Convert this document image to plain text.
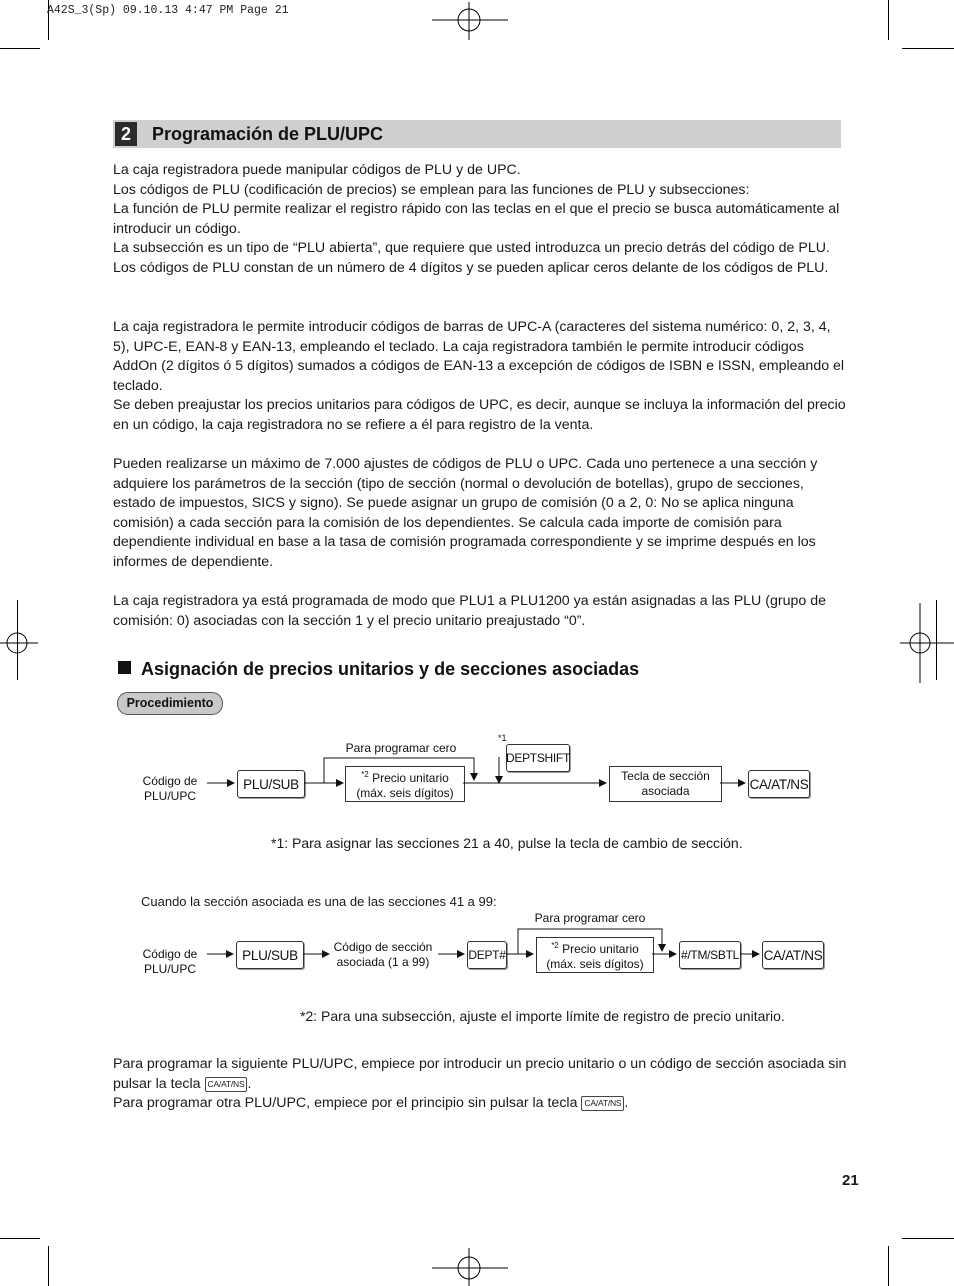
A42S_3(Sp) 09.10.13 4:47 PM Page 21
2	Programación de PLU/UPC

La caja registradora puede manipular códigos de PLU y de UPC.

Los códigos de PLU (codificación de precios) se emplean para las funciones de PLU y subsecciones:

La función de PLU permite realizar el registro rápido con las teclas en el que el precio se busca automáticamente al introducir un código.

La subsección es un tipo de “PLU abierta”, que requiere que usted introduzca un precio detrás del código de PLU. Los códigos de PLU constan de un número de 4 dígitos y se pueden aplicar ceros delante de los códigos de PLU.

La caja registradora le permite introducir códigos de barras de UPC-A (caracteres del sistema numérico: 0, 2, 3, 4, 5), UPC-E, EAN-8 y EAN-13, empleando el teclado. La caja registradora también le permite introducir códigos AddOn (2 dígitos ó 5 dígitos) sumados a códigos de EAN-13 a excepción de códigos de ISBN e ISSN, empleando el teclado.

Se deben preajustar los precios unitarios para códigos de UPC, es decir, aunque se incluya la información del precio en un código, la caja registradora no se refiere a él para registro de la venta.

Pueden realizarse un máximo de 7.000 ajustes de códigos de PLU o UPC. Cada uno pertenece a una sección y adquiere los parámetros de la sección (tipo de sección (normal o devolución de botellas), grupo de secciones, estado de impuestos, SICS y signo). Se puede asignar un grupo de comisión (0 a 2, 0: No se aplica ninguna comisión) a cada sección para la comisión de los dependientes. Se calcula cada importe de comisión para dependiente individual en base a la tasa de comisión programada correspondiente y se imprime después en los informes de dependiente.

La caja registradora ya está programada de modo que PLU1 a PLU1200 ya están asignadas a las PLU (grupo de comisión: 0) asociadas con la sección 1 y el precio unitario preajustado “0”.

Asignación de precios unitarios y de secciones asociadas
Procedimiento
Código de PLU/UPC
PLU/SUB
Para programar cero
$^{*2}$ Precio unitario (máx. seis dígitos)
*1
DEPTSHIFT
Tecla de sección asociada	CA/AT/NS
*1: Para asignar las secciones 21 a 40, pulse la tecla de cambio de sección.
Cuando la sección asociada es una de las secciones 41 a 99:
Código de PLU/UPC
PLU/SUB
Código de sección asociada (1 a 99)	DEPT#
Para programar cero
$^{*2}$ Precio unitario (máx. seis dígitos)
#/TM/SBTL CA/AT/NS
*2: Para una subsección, ajuste el importe límite de registro de precio unitario.

Para programar la siguiente PLU/UPC, empiece por introducir un precio unitario o un código de sección asociada sin pulsar la tecla CA/AT/NS .

Para programar otra PLU/UPC, empiece por el principio sin pulsar la tecla CA/AT/NS .

21
